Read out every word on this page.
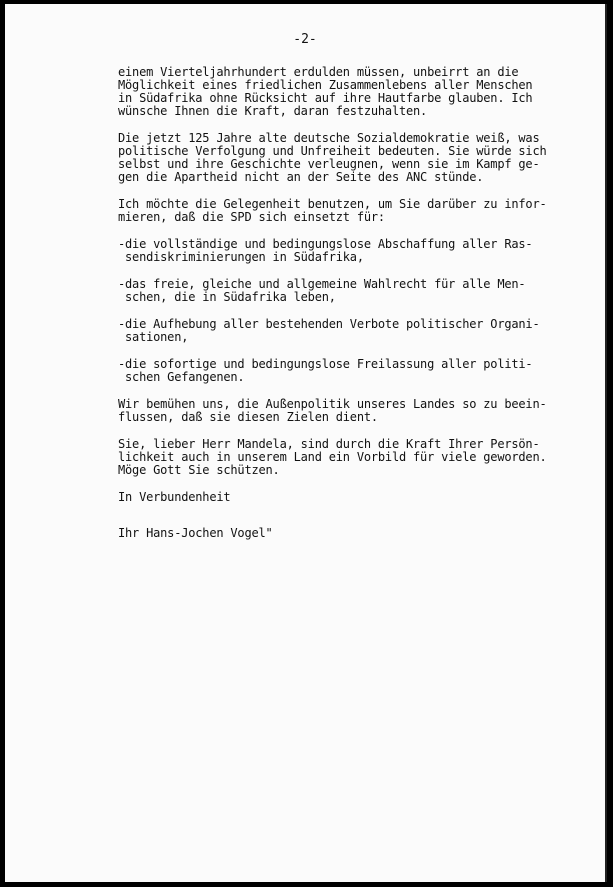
-2-

einem Vierteljahrhundert erdulden müssen, unbeirrt an die
Möglichkeit eines friedlichen Zusammenlebens aller Menschen
in Südafrika ohne Rücksicht auf ihre Hautfarbe glauben. Ich
wünsche Ihnen die Kraft, daran festzuhalten.

Die jetzt 125 Jahre alte deutsche Sozialdemokratie weiß, was
politische Verfolgung und Unfreiheit bedeuten. Sie würde sich
selbst und ihre Geschichte verleugnen, wenn sie im Kampf ge-
gen die Apartheid nicht an der Seite des ANC stünde.

Ich möchte die Gelegenheit benutzen, um Sie darüber zu infor-
mieren, daß die SPD sich einsetzt für:

-die vollständige und bedingungslose Abschaffung aller Ras-
sendiskriminierungen in Südafrika,

-das freie, gleiche und allgemeine Wahlrecht für alle Men-
schen, die in Südafrika leben,

-die Aufhebung aller bestehenden Verbote politischer Organi-
sationen,

-die sofortige und bedingungslose Freilassung aller politi-
schen Gefangenen.

Wir bemühen uns, die Außenpolitik unseres Landes so zu beein-
flussen, daß sie diesen Zielen dient.

Sie, lieber Herr Mandela, sind durch die Kraft Ihrer Persön-
lichkeit auch in unserem Land ein Vorbild für viele geworden.
Möge Gott Sie schützen.

In Verbundenheit

Ihr Hans-Jochen Vogel"
